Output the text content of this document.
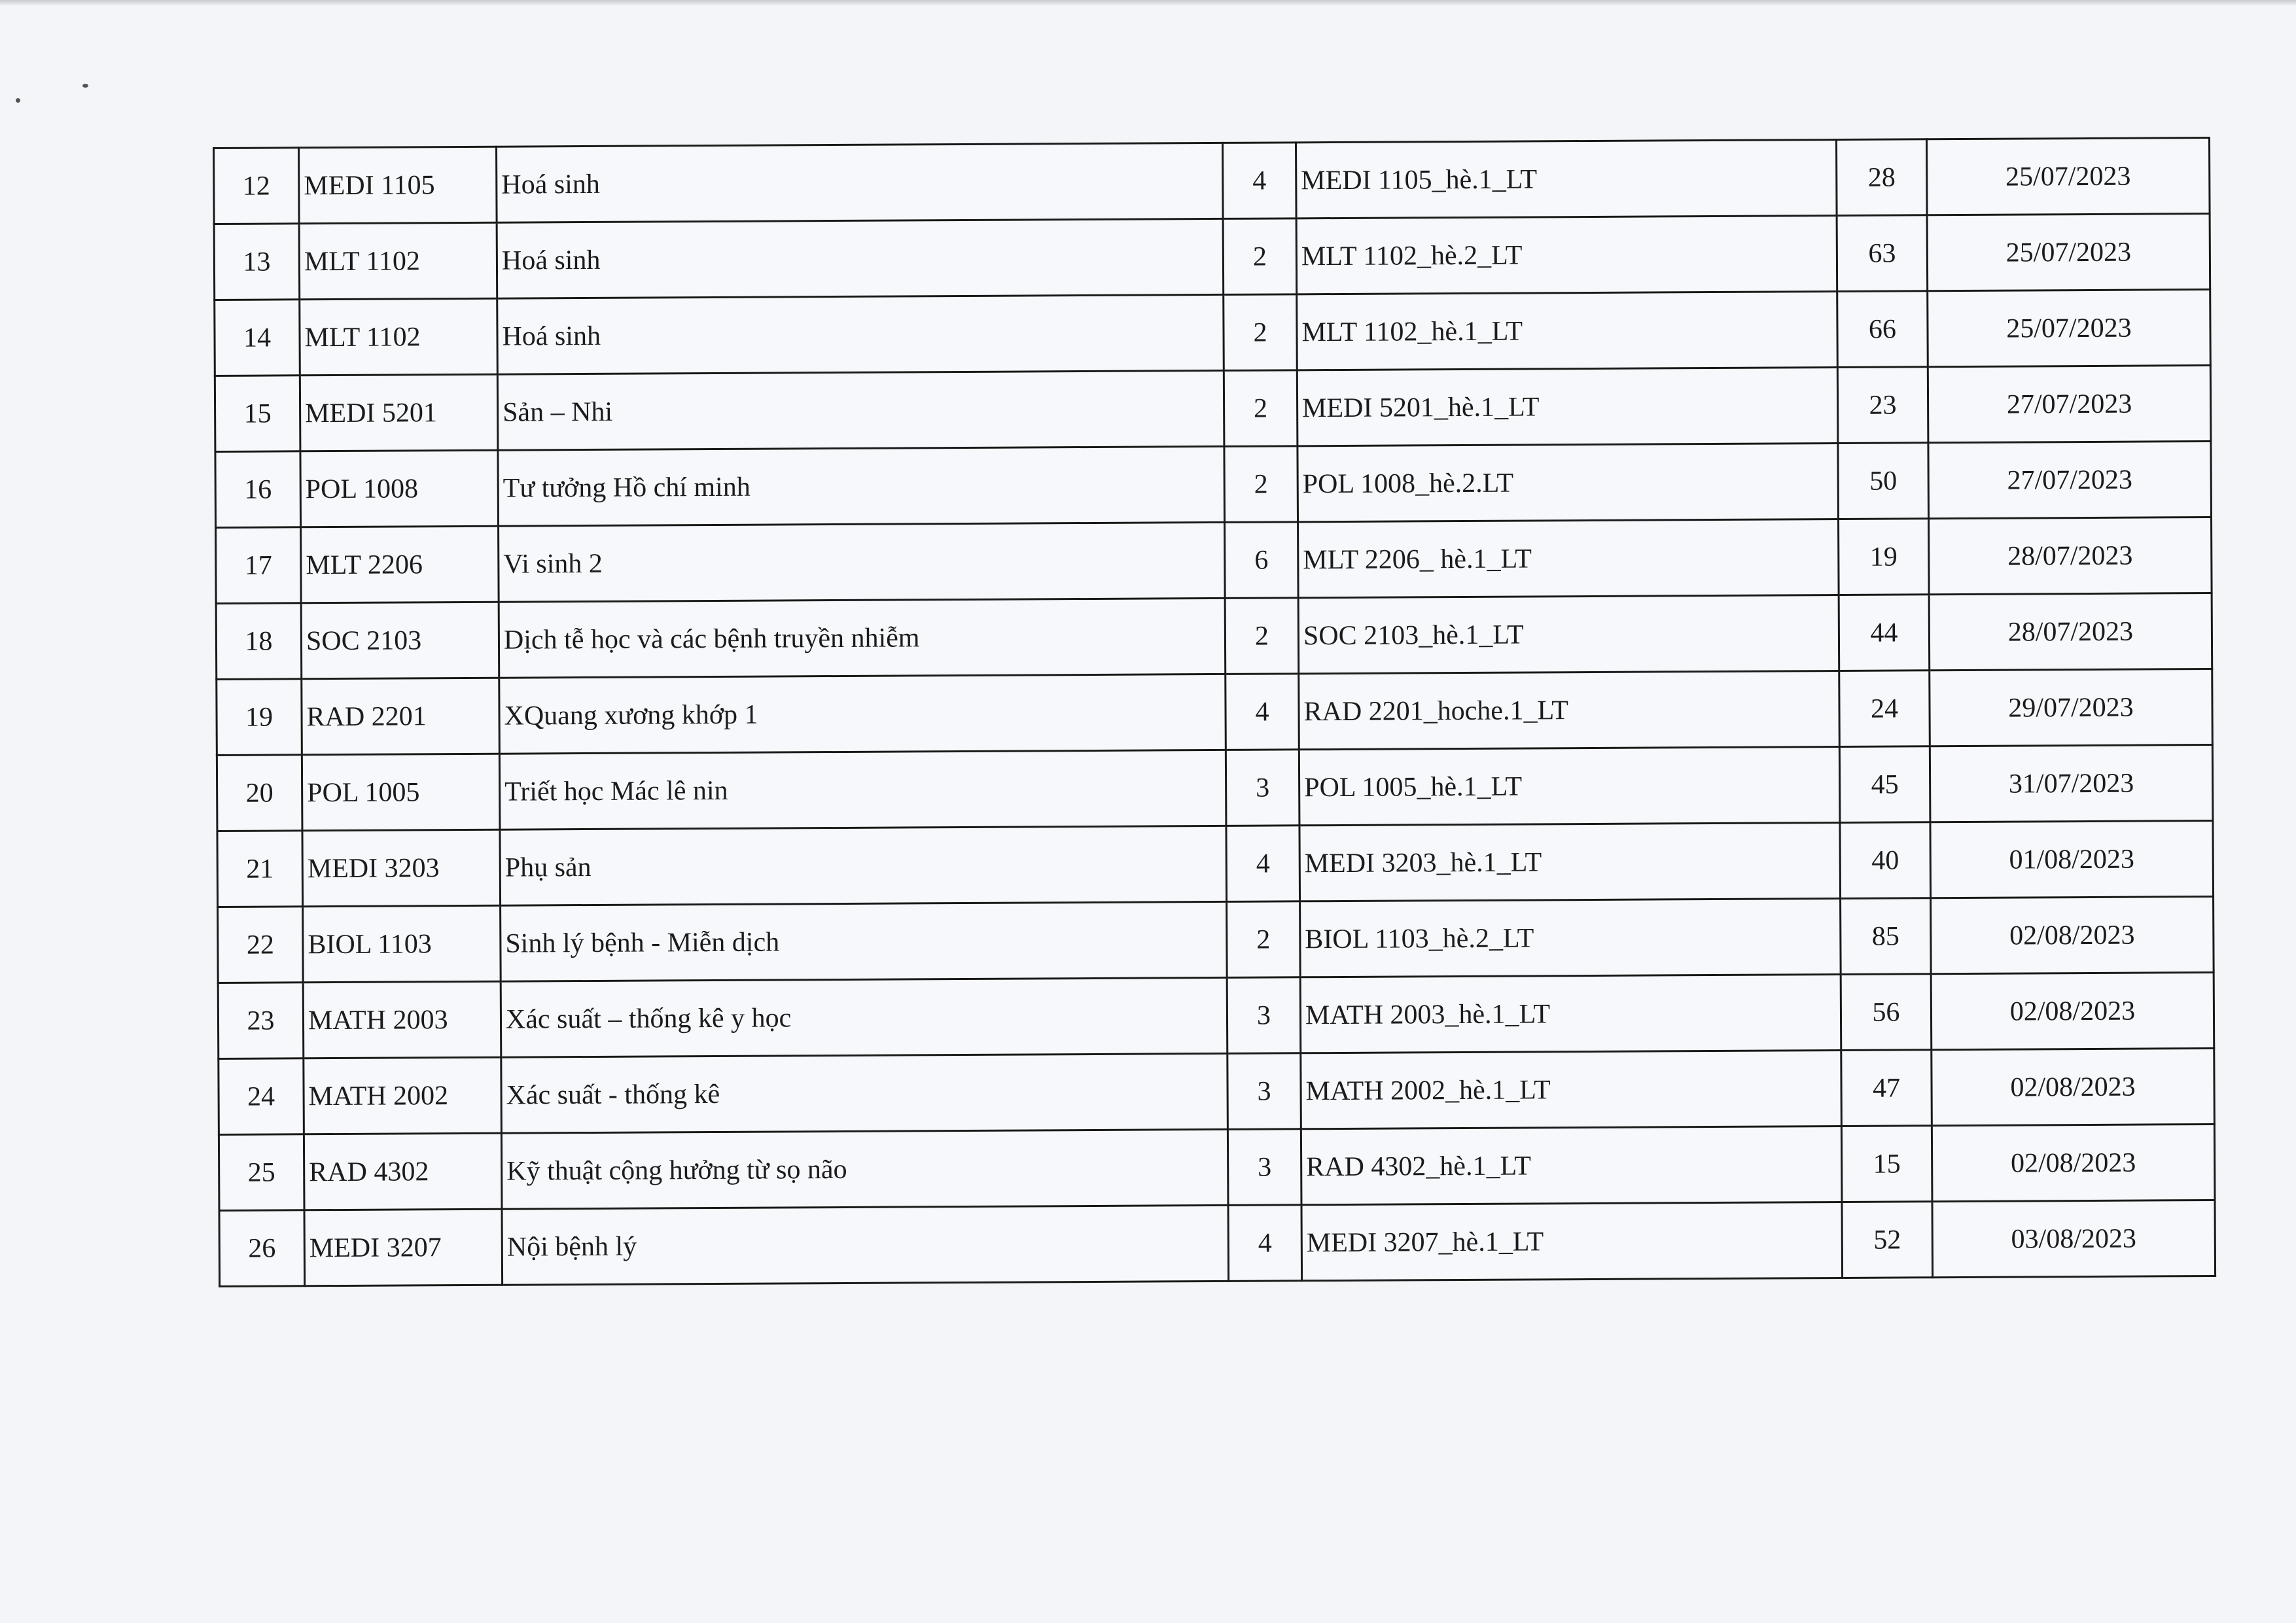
12	MEDI 1105	Hoá sinh	4	MEDI 1105_hè.1_LT	28	25/07/2023
13	MLT 1102	Hoá sinh	2	MLT 1102_hè.2_LT	63	25/07/2023
14	MLT 1102	Hoá sinh	2	MLT 1102_hè.1_LT	66	25/07/2023
15	MEDI 5201	Sản – Nhi	2	MEDI 5201_hè.1_LT	23	27/07/2023
16	POL 1008	Tư tưởng Hồ chí minh	2	POL 1008_hè.2.LT	50	27/07/2023
17	MLT 2206	Vi sinh 2	6	MLT 2206_ hè.1_LT	19	28/07/2023
18	SOC 2103	Dịch tễ học và các bệnh truyền nhiễm	2	SOC 2103_hè.1_LT	44	28/07/2023
19	RAD 2201	XQuang xương khớp 1	4	RAD 2201_hoche.1_LT	24	29/07/2023
20	POL 1005	Triết học Mác lê nin	3	POL 1005_hè.1_LT	45	31/07/2023
21	MEDI 3203	Phụ sản	4	MEDI 3203_hè.1_LT	40	01/08/2023
22	BIOL 1103	Sinh lý bệnh - Miễn dịch	2	BIOL 1103_hè.2_LT	85	02/08/2023
23	MATH 2003	Xác suất – thống kê y học	3	MATH 2003_hè.1_LT	56	02/08/2023
24	MATH 2002	Xác suất - thống kê	3	MATH 2002_hè.1_LT	47	02/08/2023
25	RAD 4302	Kỹ thuật cộng hưởng từ sọ não	3	RAD 4302_hè.1_LT	15	02/08/2023
26	MEDI 3207	Nội bệnh lý	4	MEDI 3207_hè.1_LT	52	03/08/2023
